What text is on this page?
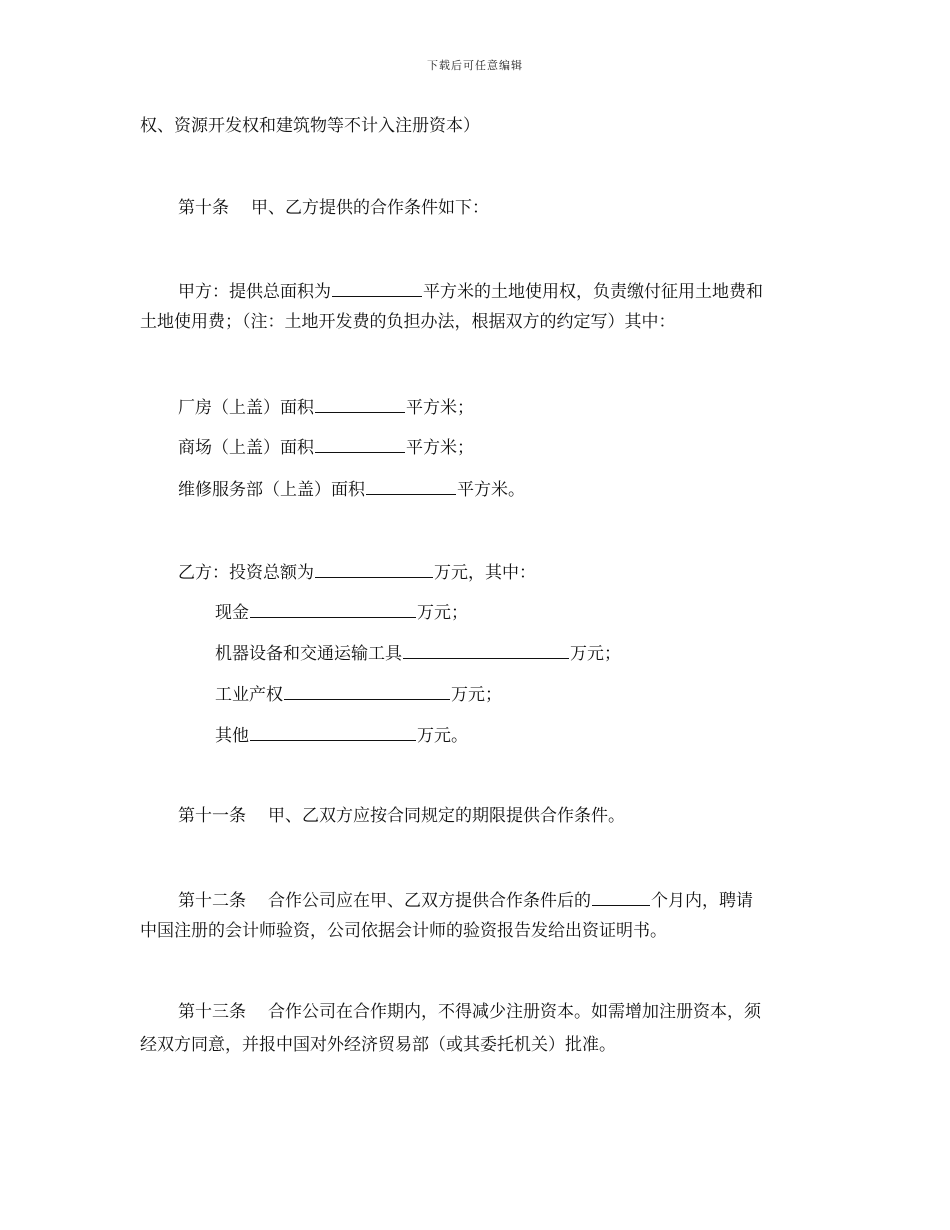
下载后可任意编辑
权、资源开发权和建筑物等不计入注册资本）
第十条 甲、乙方提供的合作条件如下：
甲方：提供总面积为	平方米的土地使用权，负责缴付征用土地费和
土地使用费；（注：土地开发费的负担办法，根据双方的约定写）其中：
厂房（上盖）面积	平方米；
商场（上盖）面积	平方米；
维修服务部（上盖）面积	平方米。
乙方：投资总额为	万元，其中：
现金	万元；
机器设备和交通运输工具	万元；
工业产权	万元；
其他	万元。
第十一条 甲、乙双方应按合同规定的期限提供合作条件。
第十二条 合作公司应在甲、乙双方提供合作条件后的	个月内，聘请
中国注册的会计师验资，公司依据会计师的验资报告发给出资证明书。
第十三条 合作公司在合作期内，不得减少注册资本。如需增加注册资本，须
经双方同意，并报中国对外经济贸易部（或其委托机关）批准。
